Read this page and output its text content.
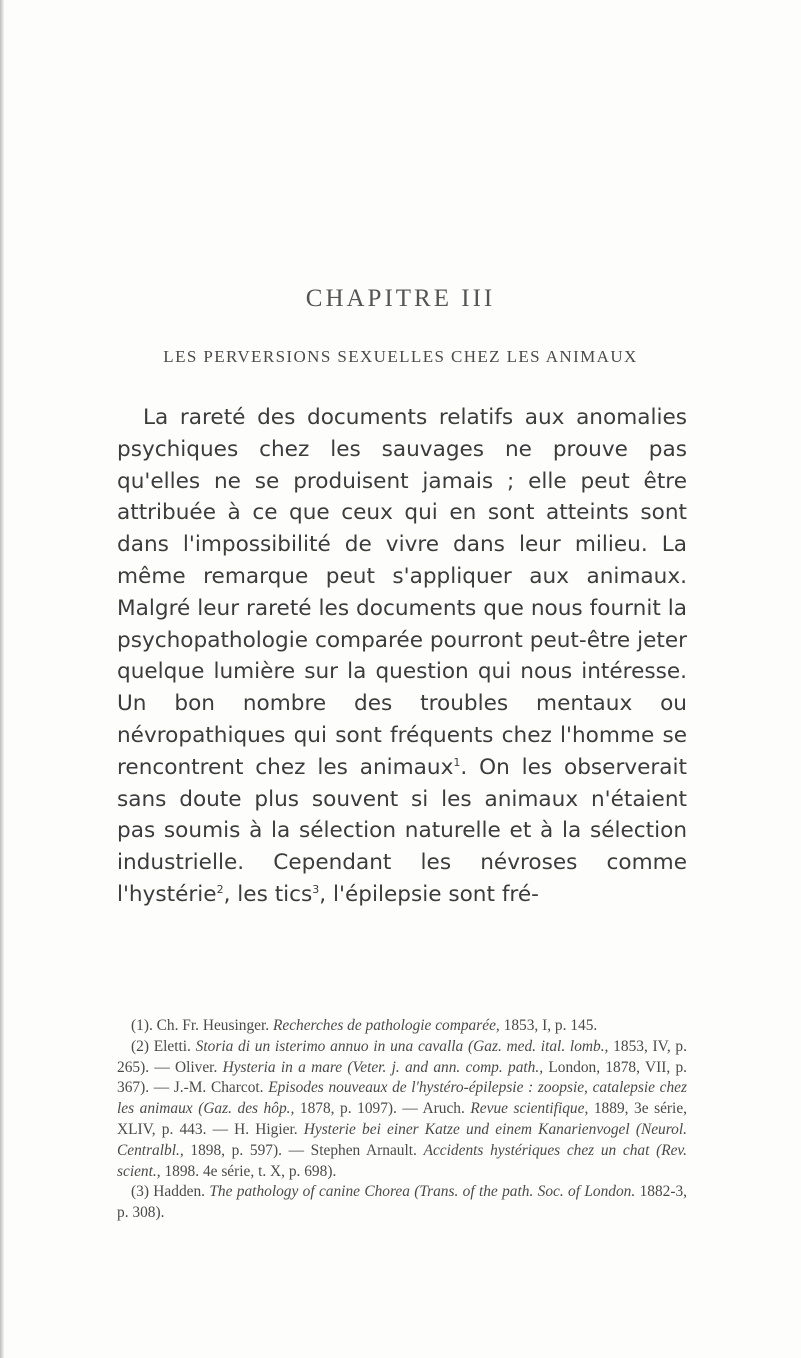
CHAPITRE III
LES PERVERSIONS SEXUELLES CHEZ LES ANIMAUX
La rareté des documents relatifs aux anomalies psychiques chez les sauvages ne prouve pas qu'elles ne se produisent jamais ; elle peut être attribuée à ce que ceux qui en sont atteints sont dans l'impossibilité de vivre dans leur milieu. La même remarque peut s'appliquer aux animaux. Malgré leur rareté les documents que nous fournit la psychopathologie comparée pourront peut-être jeter quelque lumière sur la question qui nous intéresse. Un bon nombre des troubles mentaux ou névropathiques qui sont fréquents chez l'homme se rencontrent chez les animaux$^1$. On les observerait sans doute plus souvent si les animaux n'étaient pas soumis à la sélection naturelle et à la sélection industrielle. Cependant les névroses comme l'hystérie$^2$, les tics$^3$, l'épilepsie sont fré-

(1). Ch. Fr. Heusinger. Recherches de pathologie comparée, 1853, I, p. 145.

(2) Eletti. Storia di un isterimo annuo in una cavalla (Gaz. med. ital. lomb., 1853, IV, p. 265). — Oliver. Hysteria in a mare (Veter. j. and ann. comp. path., London, 1878, VII, p. 367). — J.-M. Charcot. Episodes nouveaux de l'hystéro-épilepsie : zoopsie, catalepsie chez les animaux (Gaz. des hôp., 1878, p. 1097). — Aruch. Revue scientifique, 1889, 3e série, XLIV, p. 443. — H. Higier. Hysterie bei einer Katze und einem Kanarienvogel (Neurol. Centralbl., 1898, p. 597). — Stephen Arnault. Accidents hystériques chez un chat (Rev. scient., 1898. 4e série, t. X, p. 698).

(3) Hadden. The pathology of canine Chorea (Trans. of the path. Soc. of London. 1882-3, p. 308).
